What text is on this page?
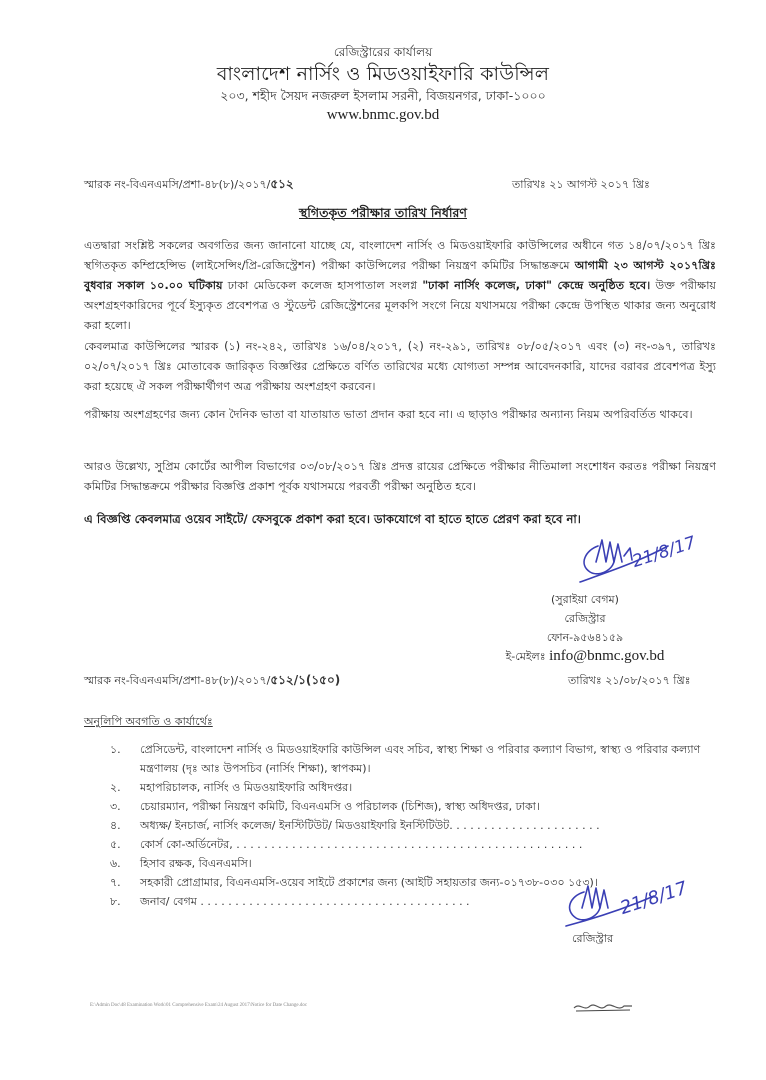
রেজিস্ট্রারের কার্যালয়
বাংলাদেশ নার্সিং ও মিডওয়াইফারি কাউন্সিল
২০৩, শহীদ সৈয়দ নজরুল ইসলাম সরনী, বিজয়নগর, ঢাকা-১০০০
www.bnmc.gov.bd
স্মারক নং-বিএনএমসি/প্রশা-৪৮(৮)/২০১৭/৫১২	তারিখঃ ২১ আগস্ট ২০১৭ খ্রিঃ
স্থগিতকৃত পরীক্ষার তারিখ নির্ধারণ
এতদ্বারা সংশ্লিষ্ট সকলের অবগতির জন্য জানানো যাচ্ছে যে, বাংলাদেশ নার্সিং ও মিডওয়াইফারি কাউন্সিলের অধীনে গত ১৪/০৭/২০১৭ খ্রিঃ স্থগিতকৃত কম্প্রিহেন্সিভ (লাইসেন্সিং/প্রি-রেজিস্ট্রেশন) পরীক্ষা কাউন্সিলের পরীক্ষা নিয়ন্ত্রণ কমিটির সিদ্ধান্তক্রমে আগামী ২৩ আগস্ট ২০১৭খ্রিঃ বুধবার সকাল ১০.০০ ঘটিকায় ঢাকা মেডিকেল কলেজ হাসপাতাল সংলগ্ন "ঢাকা নার্সিং কলেজ, ঢাকা" কেন্দ্রে অনুষ্ঠিত হবে। উক্ত পরীক্ষায় অংশগ্রহণকারিদের পূর্বে ইস্যুকৃত প্রবেশপত্র ও স্টুডেন্ট রেজিস্ট্রেশনের মূলকপি সংগে নিয়ে যথাসময়ে পরীক্ষা কেন্দ্রে উপস্থিত থাকার জন্য অনুরোধ করা হলো।
কেবলমাত্র কাউন্সিলের স্মারক (১) নং-২৪২, তারিখঃ ১৬/০৪/২০১৭, (২) নং-২৯১, তারিখঃ ০৮/০৫/২০১৭ এবং (৩) নং-৩৯৭, তারিখঃ ০২/০৭/২০১৭ খ্রিঃ মোতাবেক জারিকৃত বিজ্ঞপ্তির প্রেক্ষিতে বর্ণিত তারিখের মধ্যে যোগ্যতা সম্পন্ন আবেদনকারি, যাদের বরাবর প্রবেশপত্র ইস্যু করা হয়েছে ঐ সকল পরীক্ষার্থীগণ অত্র পরীক্ষায় অংশগ্রহণ করবেন।
পরীক্ষায় অংশগ্রহণের জন্য কোন দৈনিক ভাতা বা যাতায়াত ভাতা প্রদান করা হবে না। এ ছাড়াও পরীক্ষার অন্যান্য নিয়ম অপরিবর্তিত থাকবে।
আরও উল্লেখ্য, সুপ্রিম কোর্টের আপীল বিভাগের ০৩/০৮/২০১৭ খ্রিঃ প্রদত্ত রায়ের প্রেক্ষিতে পরীক্ষার নীতিমালা সংশোধন করতঃ পরীক্ষা নিয়ন্ত্রণ কমিটির সিদ্ধান্তক্রমে পরীক্ষার বিজ্ঞপ্তি প্রকাশ পূর্বক যথাসময়ে পরবর্তী পরীক্ষা অনুষ্ঠিত হবে।
এ বিজ্ঞপ্তি কেবলমাত্র ওয়েব সাইটে/ ফেসবুকে প্রকাশ করা হবে। ডাকযোগে বা হাতে হাতে প্রেরণ করা হবে না।
21/8/17
(সুরাইয়া বেগম)
রেজিস্ট্রার
ফোন-৯৫৬৪১৫৯
ই-মেইলঃ info@bnmc.gov.bd
স্মারক নং-বিএনএমসি/প্রশা-৪৮(৮)/২০১৭/৫১২/১(১৫০)	তারিখঃ ২১/০৮/২০১৭ খ্রিঃ
অনুলিপি অবগতি ও কার্যার্থেঃ
১.	প্রেসিডেন্ট, বাংলাদেশ নার্সিং ও মিডওয়াইফারি কাউন্সিল এবং সচিব, স্বাস্থ্য শিক্ষা ও পরিবার কল্যাণ বিভাগ, স্বাস্থ্য ও পরিবার কল্যাণ মন্ত্রণালয় (দৃঃ আঃ উপসচিব (নার্সিং শিক্ষা), স্বাপকম)।
২.	মহাপরিচালক, নার্সিং ও মিডওয়াইফারি অধিদপ্তর।
৩.	চেয়ারম্যান, পরীক্ষা নিয়ন্ত্রণ কমিটি, বিএনএমসি ও পরিচালক (চিশিজ), স্বাস্থ্য অধিদপ্তর, ঢাকা।
৪.	অধ্যক্ষ/ ইনচার্জ, নার্সিং কলেজ/ ইনস্টিটিউট/ মিডওয়াইফারি ইনস্টিটিউট. . . . . . . . . . . . . . . . . . . . . .
৫.	কোর্স কো-অর্ডিনেটর, . . . . . . . . . . . . . . . . . . . . . . . . . . . . . . . . . . . . . . . . . . . . . . . . . .
৬.	হিসাব রক্ষক, বিএনএমসি।
৭.	সহকারী প্রোগ্রামার, বিএনএমসি-ওয়েব সাইটে প্রকাশের জন্য (আইটি সহায়তার জন্য-০১৭৩৮-০৩০ ১৫৩)।
৮.	জনাব/ বেগম . . . . . . . . . . . . . . . . . . . . . . . . . . . . . . . . . . . . . . .	21/8/17
রেজিস্ট্রার
E:\Admin Doc\48 Examination Work\01 Comprehensive Exam\24 August 2017\Notice for Date Change.doc
